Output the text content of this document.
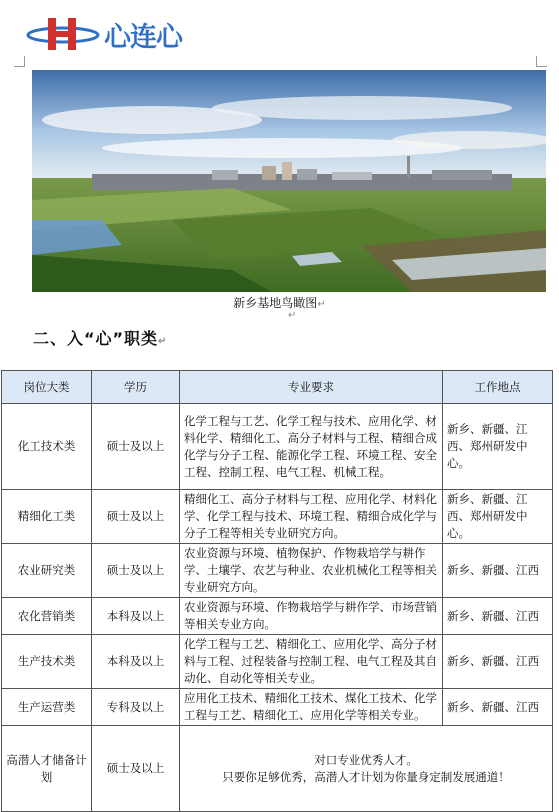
心连心
新乡基地鸟瞰图↵
↵
二、入“心”职类↵
岗位大类	学历	专业要求	工作地点
化工技术类	硕士及以上	化学工程与工艺、化学工程与技术、应用化学、材料化学、精细化工、高分子材料与工程、精细合成化学与分子工程、能源化学工程、环境工程、安全工程、控制工程、电气工程、机械工程。	新乡、新疆、江西、郑州研发中心。
精细化工类	硕士及以上	精细化工、高分子材料与工程、应用化学、材料化学、化学工程与技术、环境工程、精细合成化学与分子工程等相关专业研究方向。	新乡、新疆、江西、郑州研发中心。
农业研究类	硕士及以上	农业资源与环境、植物保护、作物栽培学与耕作学、土壤学、农艺与种业、农业机械化工程等相关专业研究方向。	新乡、新疆、江西
农化营销类	本科及以上	农业资源与环境、作物栽培学与耕作学、市场营销等相关专业方向。	新乡、新疆、江西
生产技术类	本科及以上	化学工程与工艺、精细化工、应用化学、高分子材料与工程、过程装备与控制工程、电气工程及其自动化、自动化等相关专业。	新乡、新疆、江西
生产运营类	专科及以上	应用化工技术、精细化工技术、煤化工技术、化学工程与工艺、精细化工、应用化学等相关专业。	新乡、新疆、江西
高潜人才储备计划	硕士及以上	对口专业优秀人才。
只要你足够优秀，高潜人才计划为你量身定制发展通道！	
